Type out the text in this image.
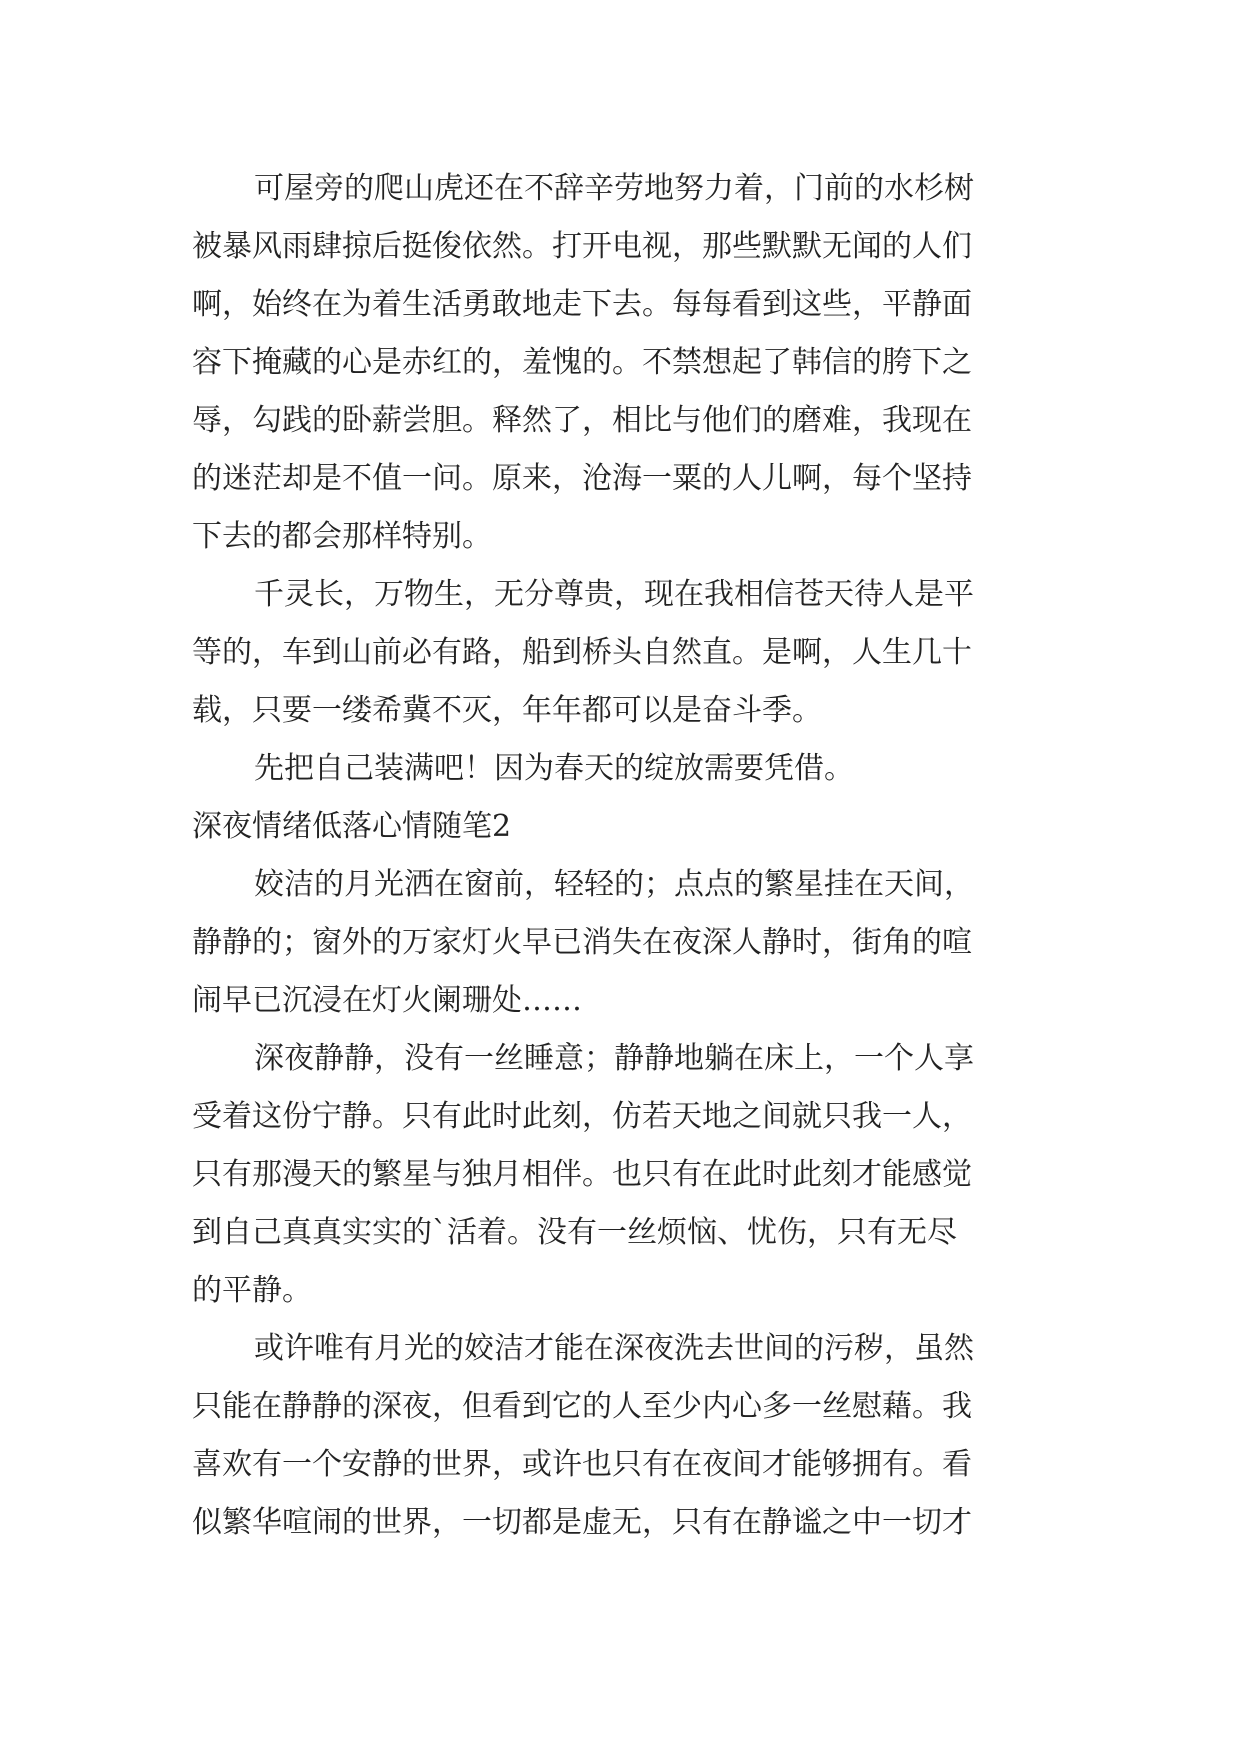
可屋旁的爬山虎还在不辞辛劳地努力着，门前的水杉树
被暴风雨肆掠后挺俊依然。打开电视，那些默默无闻的人们
啊，始终在为着生活勇敢地走下去。每每看到这些，平静面
容下掩藏的心是赤红的，羞愧的。不禁想起了韩信的胯下之
辱，勾践的卧薪尝胆。释然了，相比与他们的磨难，我现在
的迷茫却是不值一问。原来，沧海一粟的人儿啊，每个坚持
下去的都会那样特别。
千灵长，万物生，无分尊贵，现在我相信苍天待人是平
等的，车到山前必有路，船到桥头自然直。是啊，人生几十
载，只要一缕希冀不灭，年年都可以是奋斗季。
先把自己装满吧！因为春天的绽放需要凭借。
深夜情绪低落心情随笔2
姣洁的月光洒在窗前，轻轻的；点点的繁星挂在天间，
静静的；窗外的万家灯火早已消失在夜深人静时，街角的喧
闹早已沉浸在灯火阑珊处……
深夜静静，没有一丝睡意；静静地躺在床上，一个人享
受着这份宁静。只有此时此刻，仿若天地之间就只我一人，
只有那漫天的繁星与独月相伴。也只有在此时此刻才能感觉
到自己真真实实的`活着。没有一丝烦恼、忧伤，只有无尽
的平静。
或许唯有月光的姣洁才能在深夜洗去世间的污秽，虽然
只能在静静的深夜，但看到它的人至少内心多一丝慰藉。我
喜欢有一个安静的世界，或许也只有在夜间才能够拥有。看
似繁华喧闹的世界，一切都是虚无，只有在静谧之中一切才
